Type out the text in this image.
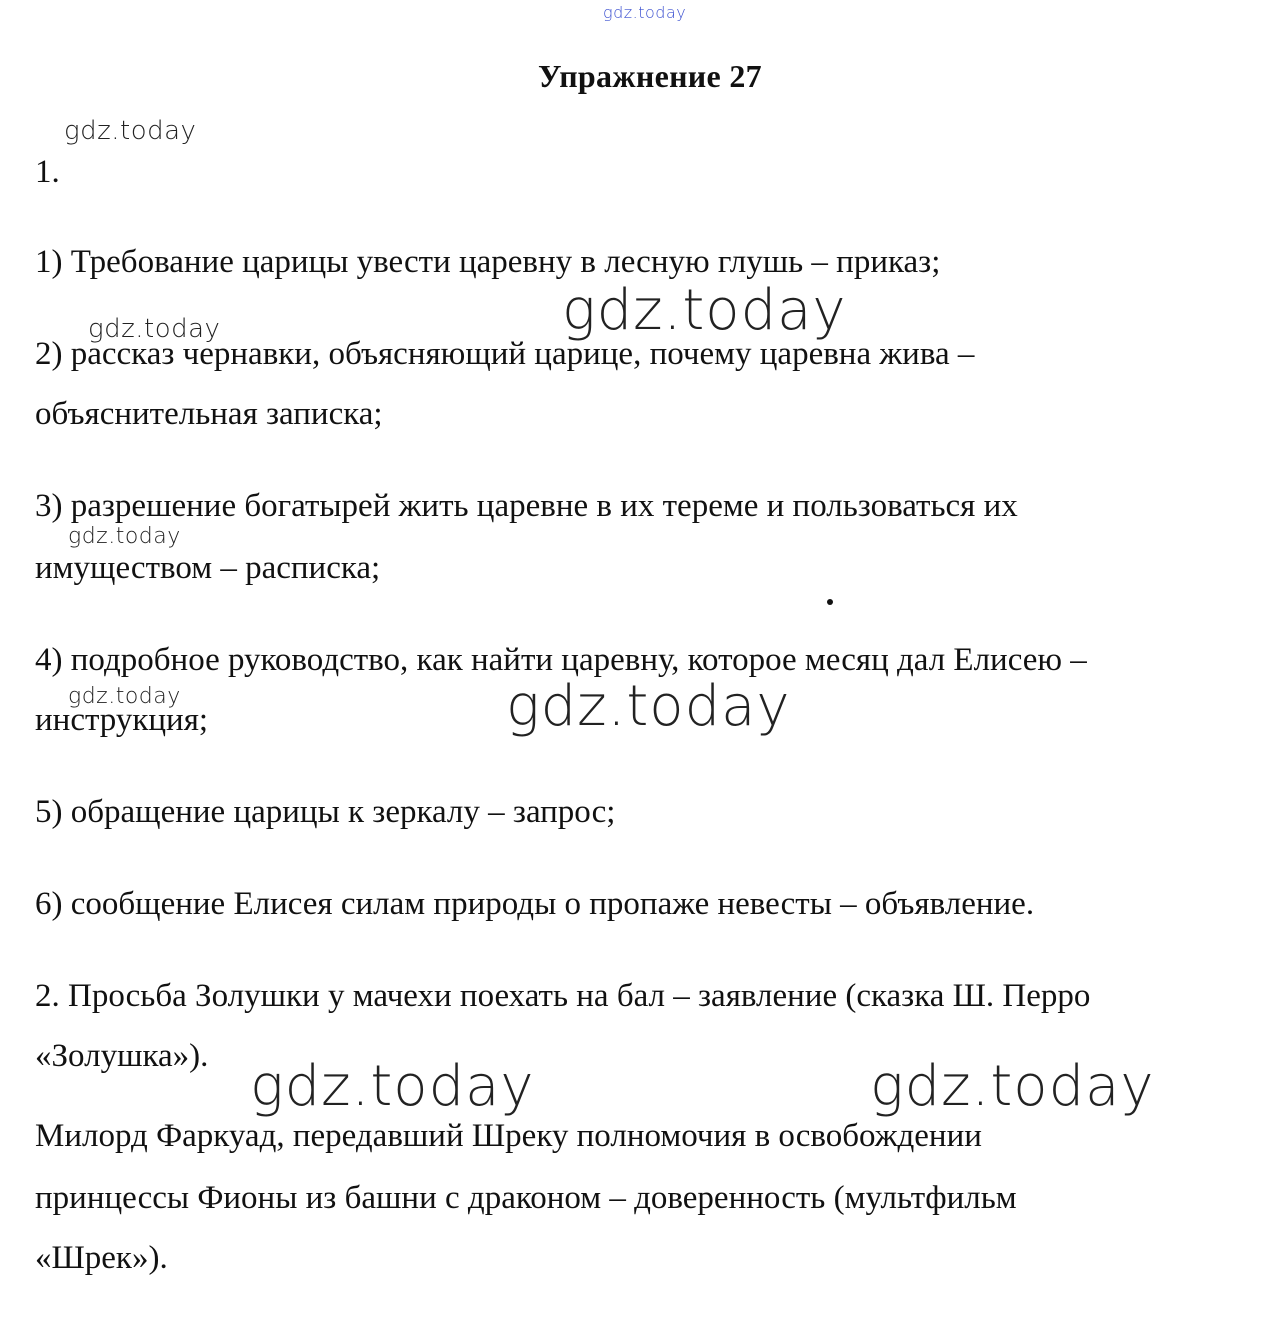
gdz.today
Упражнение 27
gdz.today
1.
1) Требование царицы увести царевну в лесную глушь – приказ;
gdz.today
gdz.today
2) рассказ чернавки, объясняющий царице, почему царевна жива –
объяснительная записка;
3) разрешение богатырей жить царевне в их тереме и пользоваться их
gdz.today
имуществом – расписка;
4) подробное руководство, как найти царевну, которое месяц дал Елисею –
gdz.today	gdz.today
инструкция;
5) обращение царицы к зеркалу – запрос;
6) сообщение Елисея силам природы о пропаже невесты – объявление.
2. Просьба Золушки у мачехи поехать на бал – заявление (сказка Ш. Перро
«Золушка»). gdz.today	gdz.today
Милорд Фаркуад, передавший Шреку полномочия в освобождении
принцессы Фионы из башни с драконом – доверенность (мультфильм
«Шрек»).
